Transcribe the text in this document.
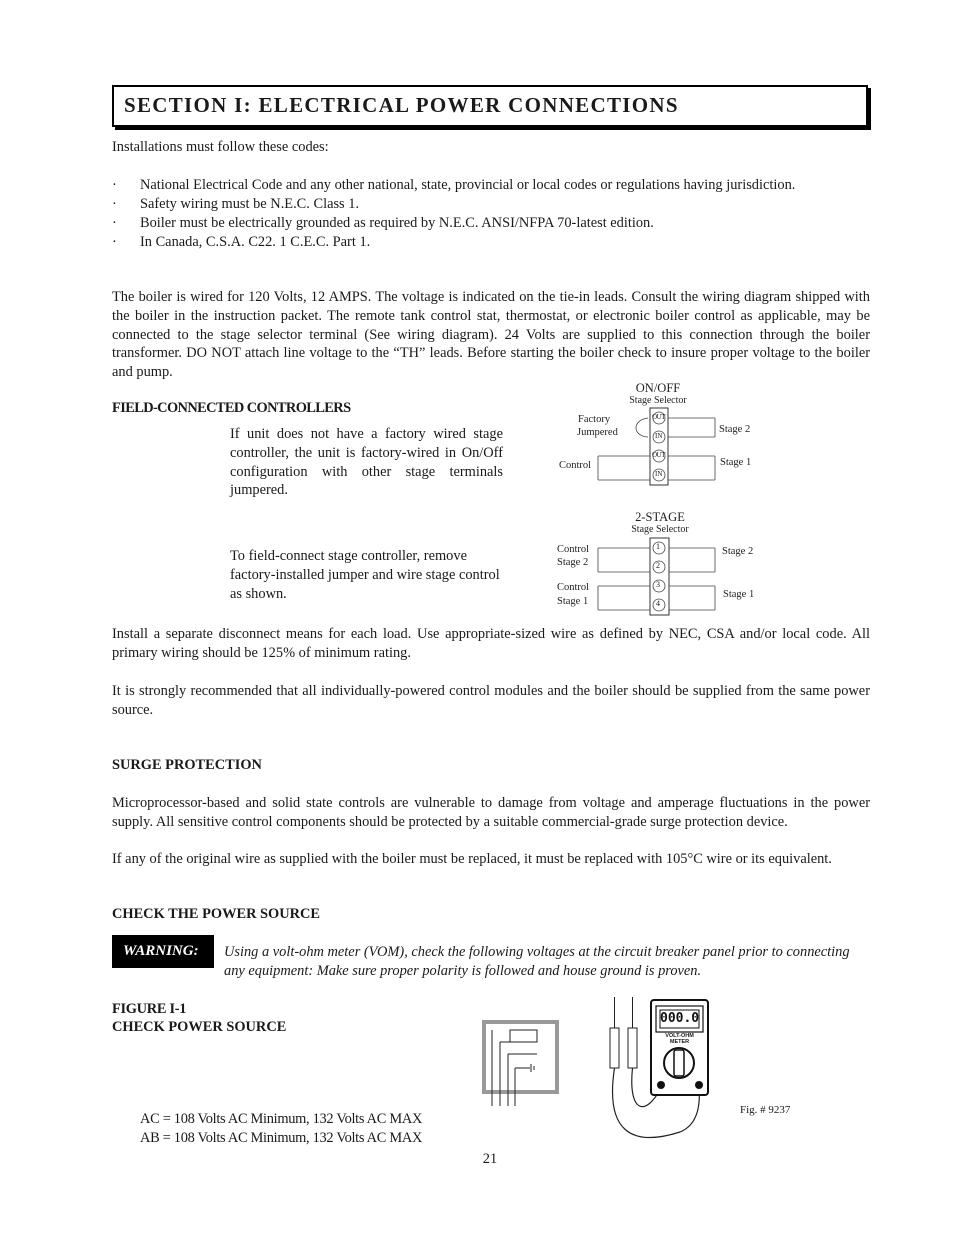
SECTION I: ELECTRICAL POWER CONNECTIONS
Installations must follow these codes:
· National Electrical Code and any other national, state, provincial or local codes or regulations having jurisdiction.
· Safety wiring must be N.E.C. Class 1.
· Boiler must be electrically grounded as required by N.E.C. ANSI/NFPA 70-latest edition.
· In Canada, C.S.A. C22. 1 C.E.C. Part 1.
The boiler is wired for 120 Volts, 12 AMPS. The voltage is indicated on the tie-in leads. Consult the wiring diagram shipped with the boiler in the instruction packet. The remote tank control stat, thermostat, or electronic boiler control as applicable, may be connected to the stage selector terminal (See wiring diagram). 24 Volts are supplied to this connection through the boiler transformer. DO NOT attach line voltage to the “TH” leads. Before starting the boiler check to insure proper voltage to the boiler and pump.
FIELD-CONNECTED CONTROLLERS
If unit does not have a factory wired stage controller, the unit is factory-wired in On/Off configuration with other stage terminals jumpered.
To field-connect stage controller, remove factory-installed jumper and wire stage control as shown.
ON/OFF
Stage Selector
Factory
Jumpered
Control
Stage 2
Stage 1
OUT
IN
OUT
IN
2-STAGE
Stage Selector
Control
Stage 2
Control
Stage 1
Stage 2
Stage 1
1
2
3
4
Install a separate disconnect means for each load. Use appropriate-sized wire as defined by NEC, CSA and/or local code. All primary wiring should be 125% of minimum rating.
It is strongly recommended that all individually-powered control modules and the boiler should be supplied from the same power source.
SURGE PROTECTION
Microprocessor-based and solid state controls are vulnerable to damage from voltage and amperage fluctuations in the power supply. All sensitive control components should be protected by a suitable commercial-grade surge protection device.
If any of the original wire as supplied with the boiler must be replaced, it must be replaced with 105°C wire or its equivalent.
CHECK THE POWER SOURCE
WARNING: Using a volt-ohm meter (VOM), check the following voltages at the circuit breaker panel prior to connecting any equipment: Make sure proper polarity is followed and house ground is proven.
FIGURE I-1
CHECK POWER SOURCE
000.0
VOLT-OHM
METER
Fig. # 9237
AC = 108 Volts AC Minimum, 132 Volts AC MAX
AB = 108 Volts AC Minimum, 132 Volts AC MAX
21
